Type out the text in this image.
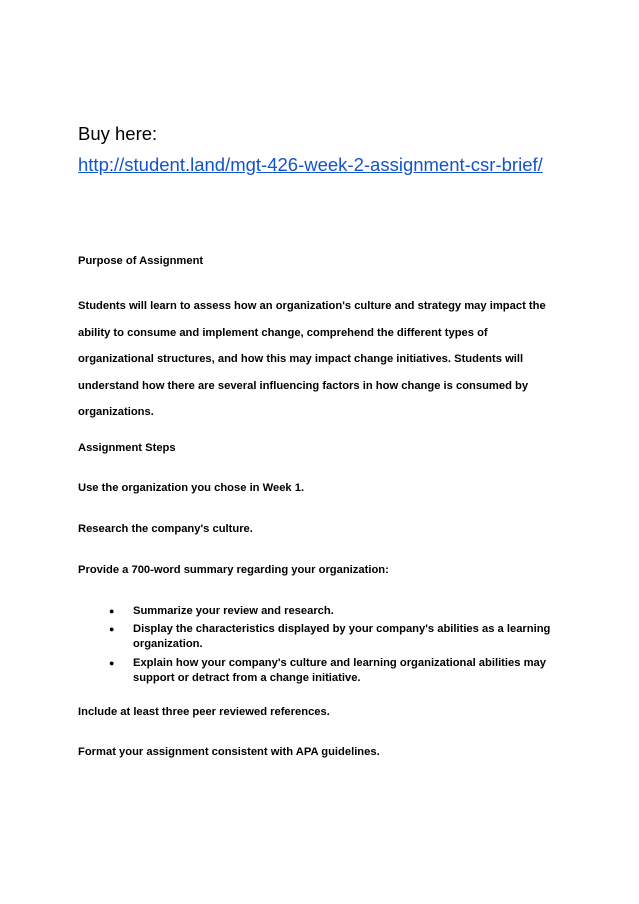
Buy here:
http://student.land/mgt-426-week-2-assignment-csr-brief/
Purpose of Assignment
Students will learn to assess how an organization's culture and strategy may impact the ability to consume and implement change, comprehend the different types of organizational structures, and how this may impact change initiatives. Students will understand how there are several influencing factors in how change is consumed by organizations.
Assignment Steps
Use the organization you chose in Week 1.
Research the company's culture.
Provide a 700-word summary regarding your organization:
● Summarize your review and research.
● Display the characteristics displayed by your company's abilities as a learning organization.
● Explain how your company's culture and learning organizational abilities may support or detract from a change initiative.
Include at least three peer reviewed references.
Format your assignment consistent with APA guidelines.
